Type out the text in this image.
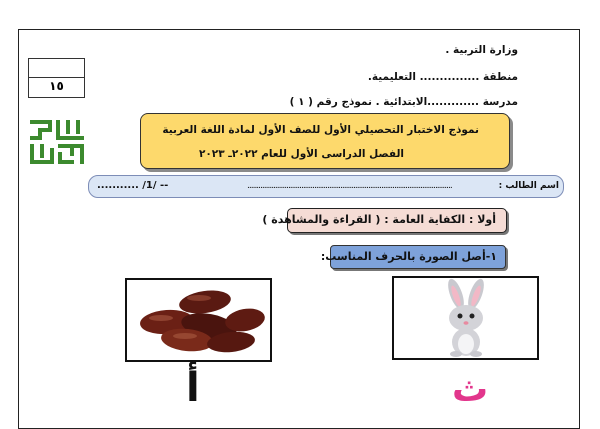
وزارة التربية .
منطقة ............... التعليمية.
مدرسة .............الابتدائية . نموذج رقم ( ١ )
١٥
نموذج الاختبار التحصيلي الأول للصف الأول لمادة اللغة العربية
الفصل الدراسى الأول للعام ٢٠٢٢ـ ٢٠٢٣
اسم الطالب :
..............................................................................................................
........... /1/ --
أولا : الكفاية العامة : ( القراءة والمشاهدة )
١-أصل الصورة بالحرف المناسب:
أ	ث
